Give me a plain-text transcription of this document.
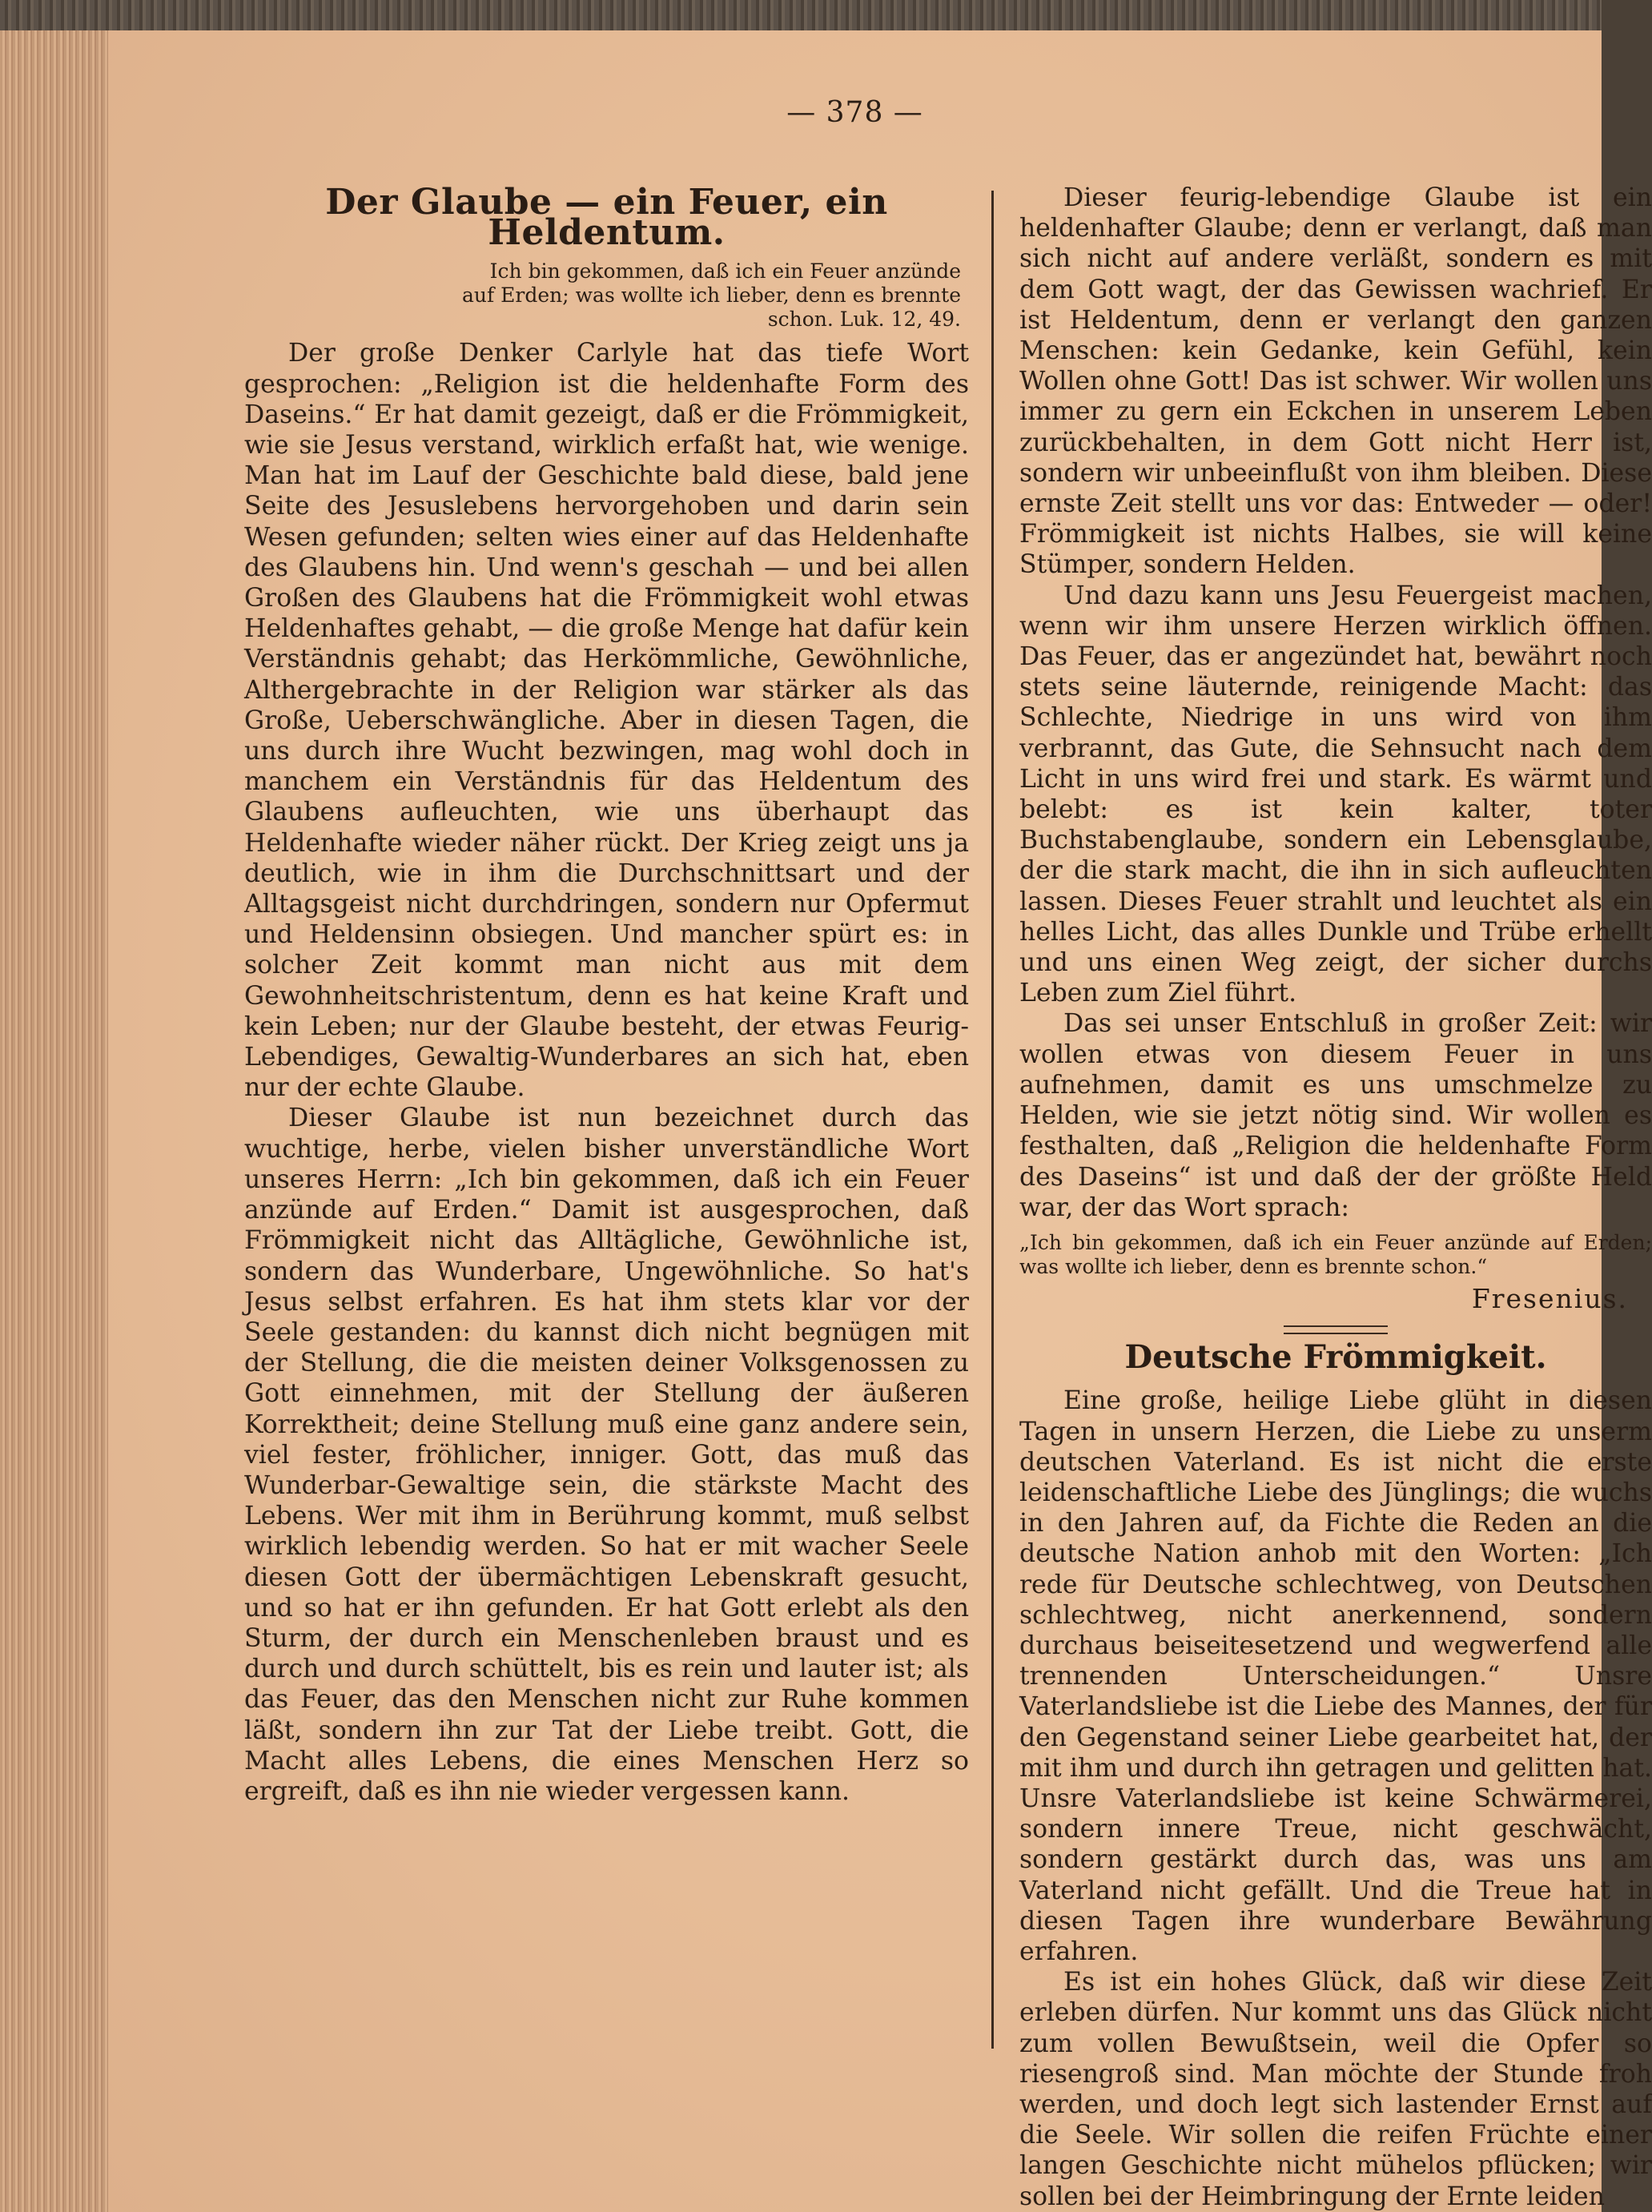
— 378 —
Der Glaube — ein Feuer, ein Heldentum.
Ich bin gekommen, daß ich ein Feuer anzünde auf Erden; was wollte ich lieber, denn es brennte schon. Luk. 12, 49.

Der große Denker Carlyle hat das tiefe Wort gesprochen: „Religion ist die heldenhafte Form des Daseins.“ Er hat damit gezeigt, daß er die Frömmigkeit, wie sie Jesus verstand, wirklich erfaßt hat, wie wenige. Man hat im Lauf der Geschichte bald diese, bald jene Seite des Jesuslebens hervorgehoben und darin sein Wesen gefunden; selten wies einer auf das Heldenhafte des Glaubens hin. Und wenn's geschah — und bei allen Großen des Glaubens hat die Frömmigkeit wohl etwas Heldenhaftes gehabt, — die große Menge hat dafür kein Verständnis gehabt; das Herkömmliche, Gewöhnliche, Althergebrachte in der Religion war stärker als das Große, Ueberschwängliche. Aber in diesen Tagen, die uns durch ihre Wucht bezwingen, mag wohl doch in manchem ein Verständnis für das Heldentum des Glaubens aufleuchten, wie uns überhaupt das Heldenhafte wieder näher rückt. Der Krieg zeigt uns ja deutlich, wie in ihm die Durchschnittsart und der Alltagsgeist nicht durchdringen, sondern nur Opfermut und Heldensinn obsiegen. Und mancher spürt es: in solcher Zeit kommt man nicht aus mit dem Gewohnheitschristentum, denn es hat keine Kraft und kein Leben; nur der Glaube besteht, der etwas Feurig-Lebendiges, Gewaltig-Wunderbares an sich hat, eben nur der echte Glaube.

Dieser Glaube ist nun bezeichnet durch das wuchtige, herbe, vielen bisher unverständliche Wort unseres Herrn: „Ich bin gekommen, daß ich ein Feuer anzünde auf Erden.“ Damit ist ausgesprochen, daß Frömmigkeit nicht das Alltägliche, Gewöhnliche ist, sondern das Wunderbare, Ungewöhnliche. So hat's Jesus selbst erfahren. Es hat ihm stets klar vor der Seele gestanden: du kannst dich nicht begnügen mit der Stellung, die die meisten deiner Volksgenossen zu Gott einnehmen, mit der Stellung der äußeren Korrektheit; deine Stellung muß eine ganz andere sein, viel fester, fröhlicher, inniger. Gott, das muß das Wunderbar-Gewaltige sein, die stärkste Macht des Lebens. Wer mit ihm in Berührung kommt, muß selbst wirklich lebendig werden. So hat er mit wacher Seele diesen Gott der übermächtigen Lebenskraft gesucht, und so hat er ihn gefunden. Er hat Gott erlebt als den Sturm, der durch ein Menschenleben braust und es durch und durch schüttelt, bis es rein und lauter ist; als das Feuer, das den Menschen nicht zur Ruhe kommen läßt, sondern ihn zur Tat der Liebe treibt. Gott, die Macht alles Lebens, die eines Menschen Herz so ergreift, daß es ihn nie wieder vergessen kann.

Dieser feurig-lebendige Glaube ist ein heldenhafter Glaube; denn er verlangt, daß man sich nicht auf andere verläßt, sondern es mit dem Gott wagt, der das Gewissen wachrief. Er ist Heldentum, denn er verlangt den ganzen Menschen: kein Gedanke, kein Gefühl, kein Wollen ohne Gott! Das ist schwer. Wir wollen uns immer zu gern ein Eckchen in unserem Leben zurückbehalten, in dem Gott nicht Herr ist, sondern wir unbeeinflußt von ihm bleiben. Diese ernste Zeit stellt uns vor das: Entweder — oder! Frömmigkeit ist nichts Halbes, sie will keine Stümper, sondern Helden.

Und dazu kann uns Jesu Feuergeist machen, wenn wir ihm unsere Herzen wirklich öffnen. Das Feuer, das er angezündet hat, bewährt noch stets seine läuternde, reinigende Macht: das Schlechte, Niedrige in uns wird von ihm verbrannt, das Gute, die Sehnsucht nach dem Licht in uns wird frei und stark. Es wärmt und belebt: es ist kein kalter, toter Buchstabenglaube, sondern ein Lebensglaube, der die stark macht, die ihn in sich aufleuchten lassen. Dieses Feuer strahlt und leuchtet als ein helles Licht, das alles Dunkle und Trübe erhellt und uns einen Weg zeigt, der sicher durchs Leben zum Ziel führt.

Das sei unser Entschluß in großer Zeit: wir wollen etwas von diesem Feuer in uns aufnehmen, damit es uns umschmelze zu Helden, wie sie jetzt nötig sind. Wir wollen es festhalten, daß „Religion die heldenhafte Form des Daseins“ ist und daß der der größte Held war, der das Wort sprach:

„Ich bin gekommen, daß ich ein Feuer anzünde auf Erden; was wollte ich lieber, denn es brennte schon.“

Fresenius.
Deutsche Frömmigkeit.

Eine große, heilige Liebe glüht in diesen Tagen in unsern Herzen, die Liebe zu unserm deutschen Vaterland. Es ist nicht die erste leidenschaftliche Liebe des Jünglings; die wuchs in den Jahren auf, da Fichte die Reden an die deutsche Nation anhob mit den Worten: „Ich rede für Deutsche schlechtweg, von Deutschen schlechtweg, nicht anerkennend, sondern durchaus beiseitesetzend und wegwerfend alle trennenden Unterscheidungen.“ Unsre Vaterlandsliebe ist die Liebe des Mannes, der für den Gegenstand seiner Liebe gearbeitet hat, der mit ihm und durch ihn getragen und gelitten hat. Unsre Vaterlandsliebe ist keine Schwärmerei, sondern innere Treue, nicht geschwächt, sondern gestärkt durch das, was uns am Vaterland nicht gefällt. Und die Treue hat in diesen Tagen ihre wunderbare Bewährung erfahren.

Es ist ein hohes Glück, daß wir diese Zeit erleben dürfen. Nur kommt uns das Glück nicht zum vollen Bewußtsein, weil die Opfer so riesengroß sind. Man möchte der Stunde froh werden, und doch legt sich lastender Ernst auf die Seele. Wir sollen die reifen Früchte einer langen Geschichte nicht mühelos pflücken; wir sollen bei der Heimbringung der Ernte leiden
